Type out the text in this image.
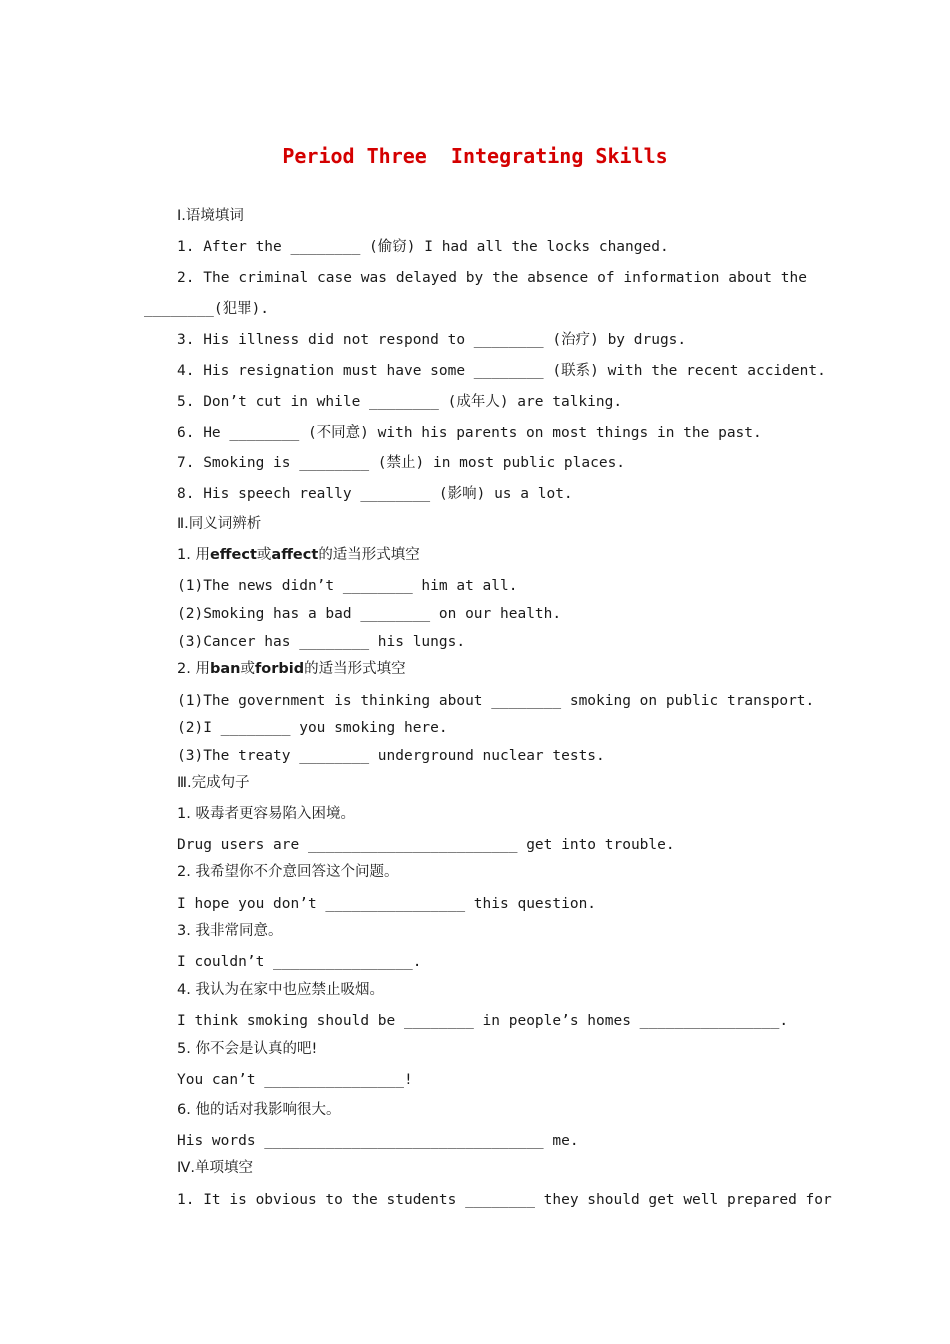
Period Three  Integrating Skills
Ⅰ.语境填词
1. After the ________ (偷窃) I had all the locks changed.
2. The criminal case was delayed by the absence of information about the
________(犯罪).
3. His illness did not respond to ________ (治疗) by drugs.
4. His resignation must have some ________ (联系) with the recent accident.
5. Don’t cut in while ________ (成年人) are talking.
6. He ________ (不同意) with his parents on most things in the past.
7. Smoking is ________ (禁止) in most public places.
8. His speech really ________ (影响) us a lot.
Ⅱ.同义词辨析
1. 用effect或affect的适当形式填空
(1)The news didn’t ________ him at all.
(2)Smoking has a bad ________ on our health.
(3)Cancer has ________ his lungs.
2. 用ban或forbid的适当形式填空
(1)The government is thinking about ________ smoking on public transport.
(2)I ________ you smoking here.
(3)The treaty ________ underground nuclear tests.
Ⅲ.完成句子
1. 吸毒者更容易陷入困境。
Drug users are ________________________ get into trouble.
2. 我希望你不介意回答这个问题。
I hope you don’t ________________ this question.
3. 我非常同意。
I couldn’t ________________.
4. 我认为在家中也应禁止吸烟。
I think smoking should be ________ in people’s homes ________________.
5. 你不会是认真的吧!
You can’t ________________!
6. 他的话对我影响很大。
His words ________________________________ me.
Ⅳ.单项填空
1. It is obvious to the students ________ they should get well prepared for
